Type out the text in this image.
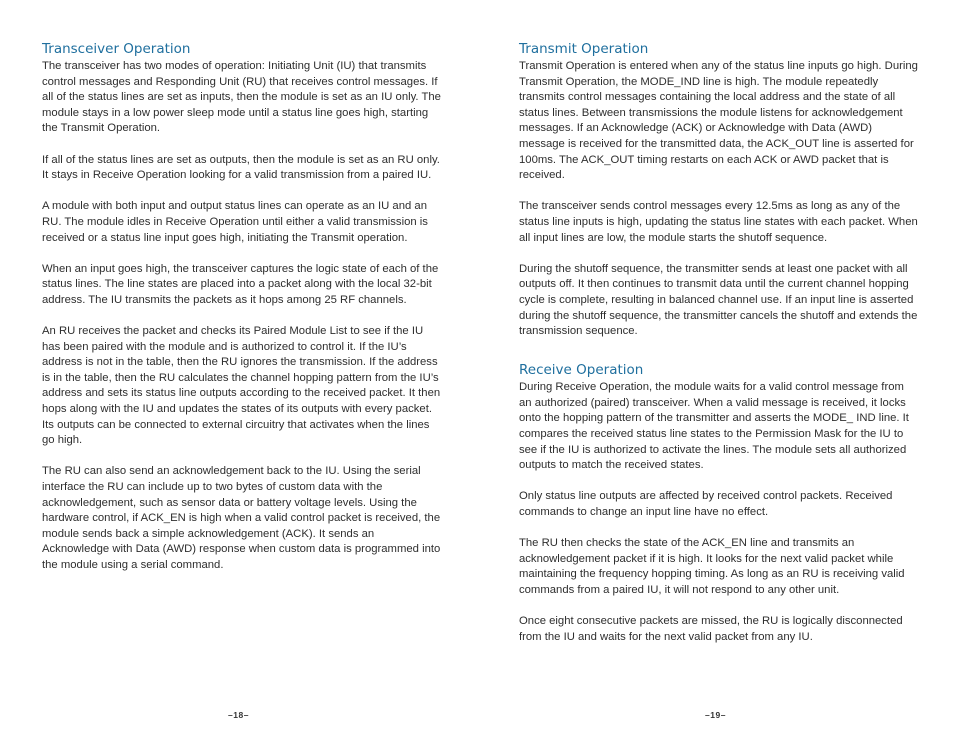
Transceiver Operation

The transceiver has two modes of operation: Initiating Unit (IU) that transmits control messages and Responding Unit (RU) that receives control messages. If all of the status lines are set as inputs, then the module is set as an IU only. The module stays in a low power sleep mode until a status line goes high, starting the Transmit Operation.

If all of the status lines are set as outputs, then the module is set as an RU only. It stays in Receive Operation looking for a valid transmission from a paired IU.

A module with both input and output status lines can operate as an IU and an RU. The module idles in Receive Operation until either a valid transmission is received or a status line input goes high, initiating the Transmit operation.

When an input goes high, the transceiver captures the logic state of each of the status lines. The line states are placed into a packet along with the local 32-bit address. The IU transmits the packets as it hops among 25 RF channels.

An RU receives the packet and checks its Paired Module List to see if the IU has been paired with the module and is authorized to control it. If the IU’s address is not in the table, then the RU ignores the transmission. If the address is in the table, then the RU calculates the channel hopping pattern from the IU’s address and sets its status line outputs according to the received packet. It then hops along with the IU and updates the states of its outputs with every packet. Its outputs can be connected to external circuitry that activates when the lines go high.

The RU can also send an acknowledgement back to the IU. Using the serial interface the RU can include up to two bytes of custom data with the acknowledgement, such as sensor data or battery voltage levels. Using the hardware control, if ACK_EN is high when a valid control packet is received, the module sends back a simple acknowledgement (ACK). It sends an Acknowledge with Data (AWD) response when custom data is programmed into the module using a serial command.

–18–
Transmit Operation

Transmit Operation is entered when any of the status line inputs go high. During Transmit Operation, the MODE_IND line is high. The module repeatedly transmits control messages containing the local address and the state of all status lines. Between transmissions the module listens for acknowledgement messages. If an Acknowledge (ACK) or Acknowledge with Data (AWD) message is received for the transmitted data, the ACK_OUT line is asserted for 100ms. The ACK_OUT timing restarts on each ACK or AWD packet that is received.

The transceiver sends control messages every 12.5ms as long as any of the status line inputs is high, updating the status line states with each packet. When all input lines are low, the module starts the shutoff sequence.

During the shutoff sequence, the transmitter sends at least one packet with all outputs off. It then continues to transmit data until the current channel hopping cycle is complete, resulting in balanced channel use. If an input line is asserted during the shutoff sequence, the transmitter cancels the shutoff and extends the transmission sequence.

Receive Operation

During Receive Operation, the module waits for a valid control message from an authorized (paired) transceiver. When a valid message is received, it locks onto the hopping pattern of the transmitter and asserts the MODE_ IND line. It compares the received status line states to the Permission Mask for the IU to see if the IU is authorized to activate the lines. The module sets all authorized outputs to match the received states.

Only status line outputs are affected by received control packets. Received commands to change an input line have no effect.

The RU then checks the state of the ACK_EN line and transmits an acknowledgement packet if it is high. It looks for the next valid packet while maintaining the frequency hopping timing. As long as an RU is receiving valid commands from a paired IU, it will not respond to any other unit.

Once eight consecutive packets are missed, the RU is logically disconnected from the IU and waits for the next valid packet from any IU.

–19–
